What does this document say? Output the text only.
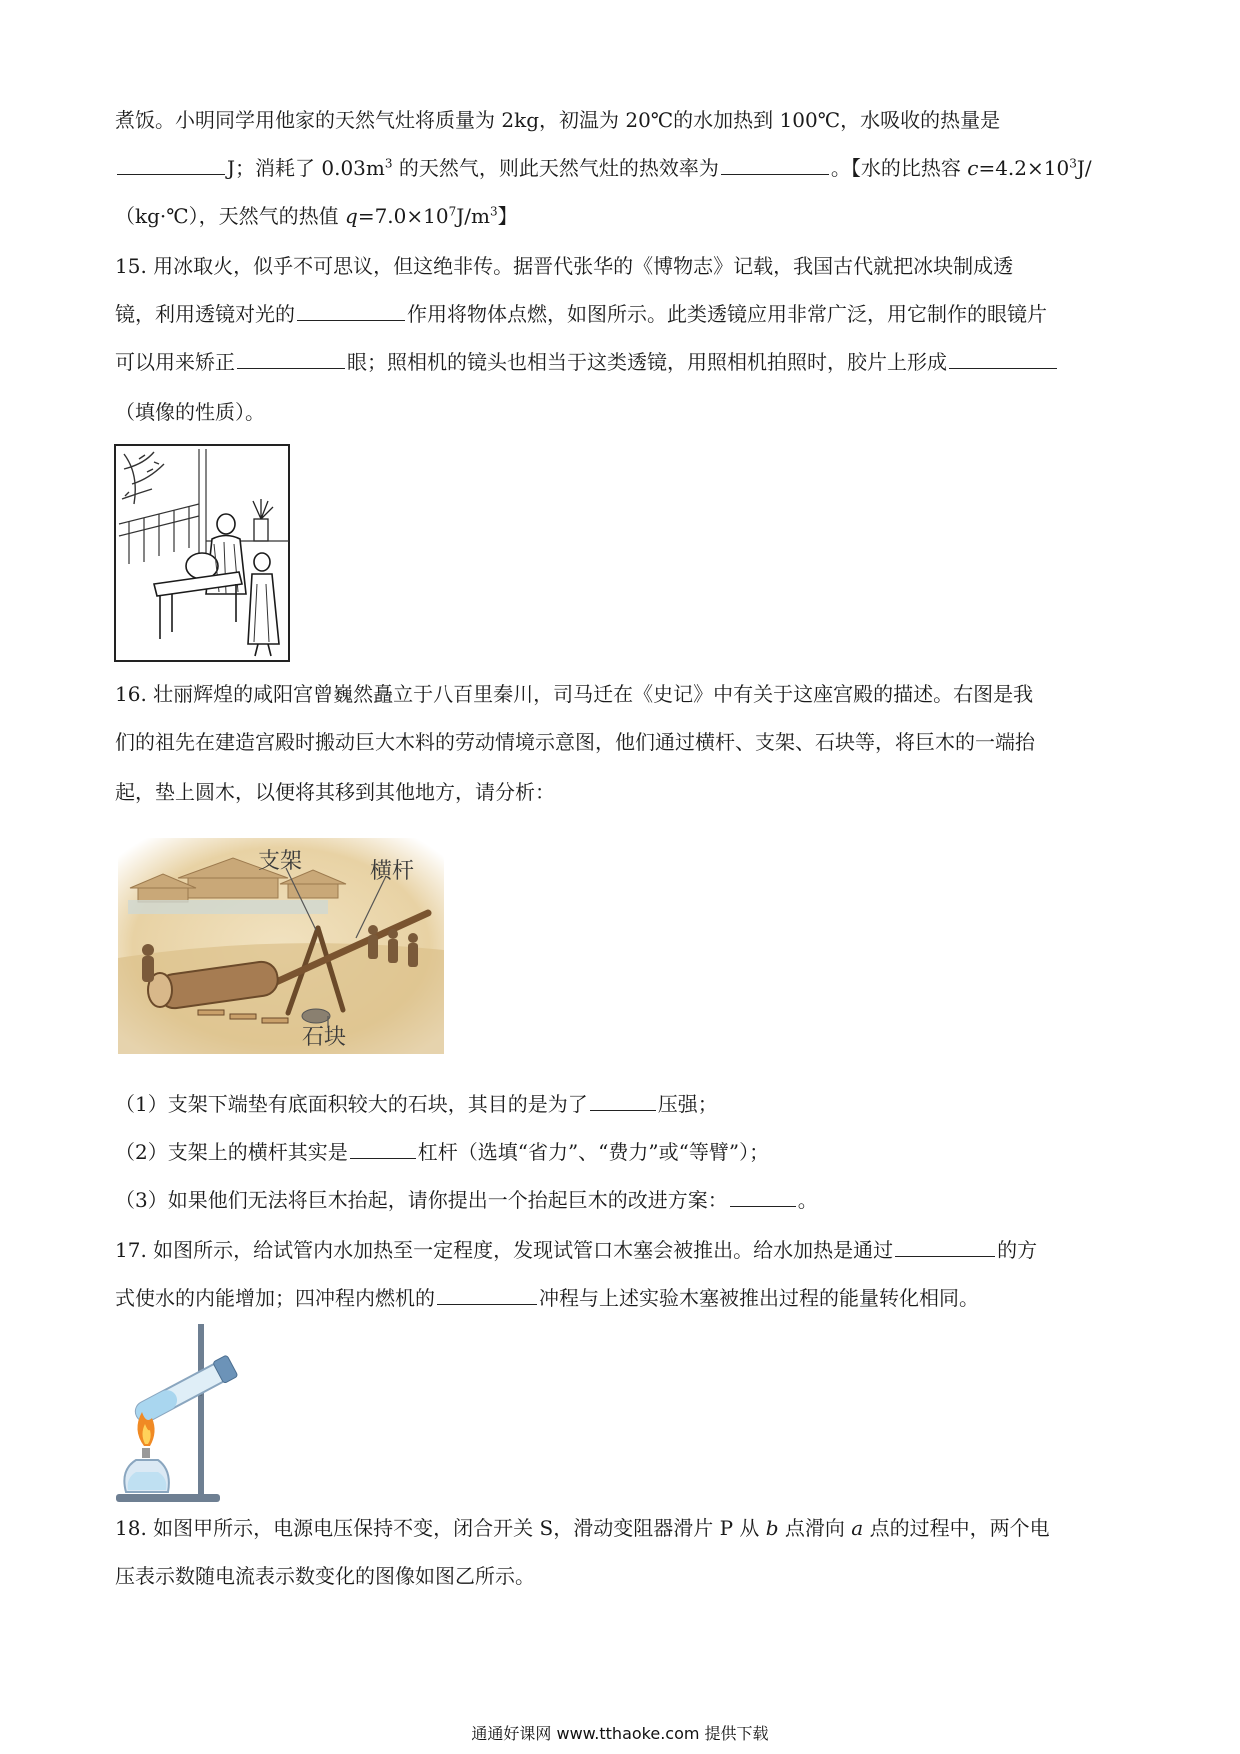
煮饭。小明同学用他家的天然气灶将质量为 2kg，初温为 20℃的水加热到 100℃，水吸收的热量是
J；消耗了 $0.03m^3$ 的天然气，则此天然气灶的热效率为	。【水的比热容 $c=4.2\times 10^3J/$
（kg·℃），天然气的热值 $q=7.0\times 10^7J/m^3$】
15. 用冰取火，似乎不可思议，但这绝非传。据晋代张华的《博物志》记载，我国古代就把冰块制成透
镜，利用透镜对光的	作用将物体点燃，如图所示。此类透镜应用非常广泛，用它制作的眼镜片
可以用来矫正	眼；照相机的镜头也相当于这类透镜，用照相机拍照时，胶片上形成
（填像的性质）。
16. 壮丽辉煌的咸阳宫曾巍然矗立于八百里秦川，司马迁在《史记》中有关于这座宫殿的描述。右图是我
们的祖先在建造宫殿时搬动巨大木料的劳动情境示意图，他们通过横杆、支架、石块等，将巨木的一端抬
起，垫上圆木，以便将其移到其他地方，请分析：
支架	横杆
石块
（1）支架下端垫有底面积较大的石块，其目的是为了	压强；
（2）支架上的横杆其实是	杠杆（选填“省力”、“费力”或“等臂”）；
（3）如果他们无法将巨木抬起，请你提出一个抬起巨木的改进方案：	。
17. 如图所示，给试管内水加热至一定程度，发现试管口木塞会被推出。给水加热是通过	的方
式使水的内能增加；四冲程内燃机的	冲程与上述实验木塞被推出过程的能量转化相同。
18. 如图甲所示，电源电压保持不变，闭合开关 S，滑动变阻器滑片 P 从 b 点滑向 a 点的过程中，两个电
压表示数随电流表示数变化的图像如图乙所示。
通通好课网 www.tthaoke.com 提供下载
